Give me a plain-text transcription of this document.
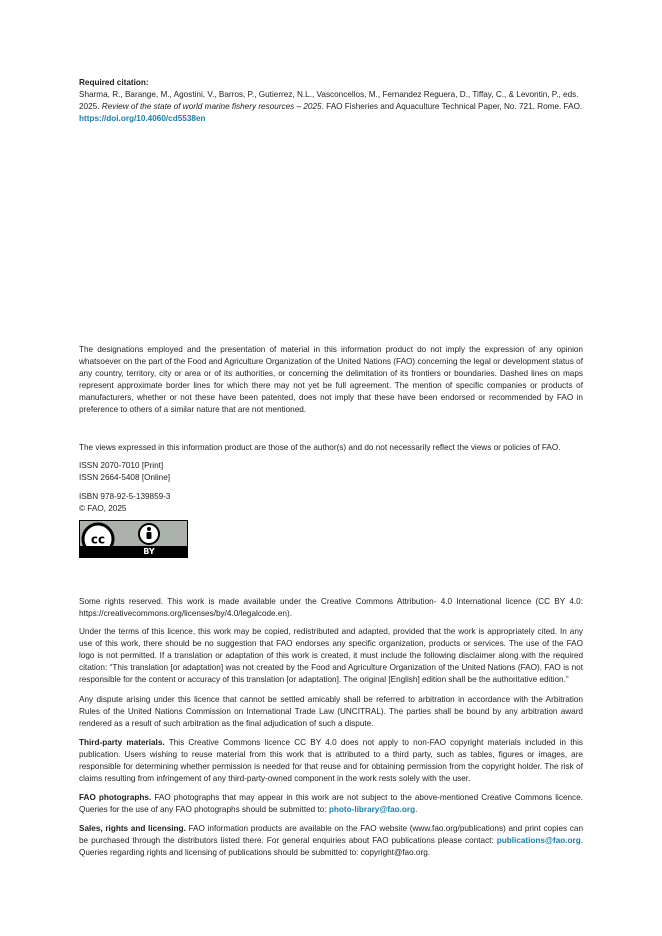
Required citation:

Sharma, R., Barange, M., Agostini, V., Barros, P., Gutierrez, N.L., Vasconcellos, M., Fernandez Reguera, D., Tiffay, C., & Levontin, P., eds. 2025. Review of the state of world marine fishery resources – 2025. FAO Fisheries and Aquaculture Technical Paper, No. 721. Rome. FAO. https://doi.org/10.4060/cd5538en

The designations employed and the presentation of material in this information product do not imply the expression of any opinion whatsoever on the part of the Food and Agriculture Organization of the United Nations (FAO) concerning the legal or development status of any country, territory, city or area or of its authorities, or concerning the delimitation of its frontiers or boundaries. Dashed lines on maps represent approximate border lines for which there may not yet be full agreement. The mention of specific companies or products of manufacturers, whether or not these have been patented, does not imply that these have been endorsed or recommended by FAO in preference to others of a similar nature that are not mentioned.

The views expressed in this information product are those of the author(s) and do not necessarily reflect the views or policies of FAO.

ISSN 2070-7010 [Print]

ISSN 2664-5408 [Online]

ISBN 978-92-5-139859-3

© FAO, 2025

cc
BY

Some rights reserved. This work is made available under the Creative Commons Attribution- 4.0 International licence (CC BY 4.0: https://creativecommons.org/licenses/by/4.0/legalcode.en).

Under the terms of this licence, this work may be copied, redistributed and adapted, provided that the work is appropriately cited. In any use of this work, there should be no suggestion that FAO endorses any specific organization, products or services. The use of the FAO logo is not permitted. If a translation or adaptation of this work is created, it must include the following disclaimer along with the required citation: “This translation [or adaptation] was not created by the Food and Agriculture Organization of the United Nations (FAO). FAO is not responsible for the content or accuracy of this translation [or adaptation]. The original [English] edition shall be the authoritative edition.”

Any dispute arising under this licence that cannot be settled amicably shall be referred to arbitration in accordance with the Arbitration Rules of the United Nations Commission on International Trade Law (UNCITRAL). The parties shall be bound by any arbitration award rendered as a result of such arbitration as the final adjudication of such a dispute.

Third-party materials. This Creative Commons licence CC BY 4.0 does not apply to non-FAO copyright materials included in this publication. Users wishing to reuse material from this work that is attributed to a third party, such as tables, figures or images, are responsible for determining whether permission is needed for that reuse and for obtaining permission from the copyright holder. The risk of claims resulting from infringement of any third-party-owned component in the work rests solely with the user.

FAO photographs. FAO photographs that may appear in this work are not subject to the above-mentioned Creative Commons licence. Queries for the use of any FAO photographs should be submitted to: photo-library@fao.org.

Sales, rights and licensing. FAO information products are available on the FAO website (www.fao.org/publications) and print copies can be purchased through the distributors listed there. For general enquiries about FAO publications please contact: publications@fao.org. Queries regarding rights and licensing of publications should be submitted to: copyright@fao.org.
